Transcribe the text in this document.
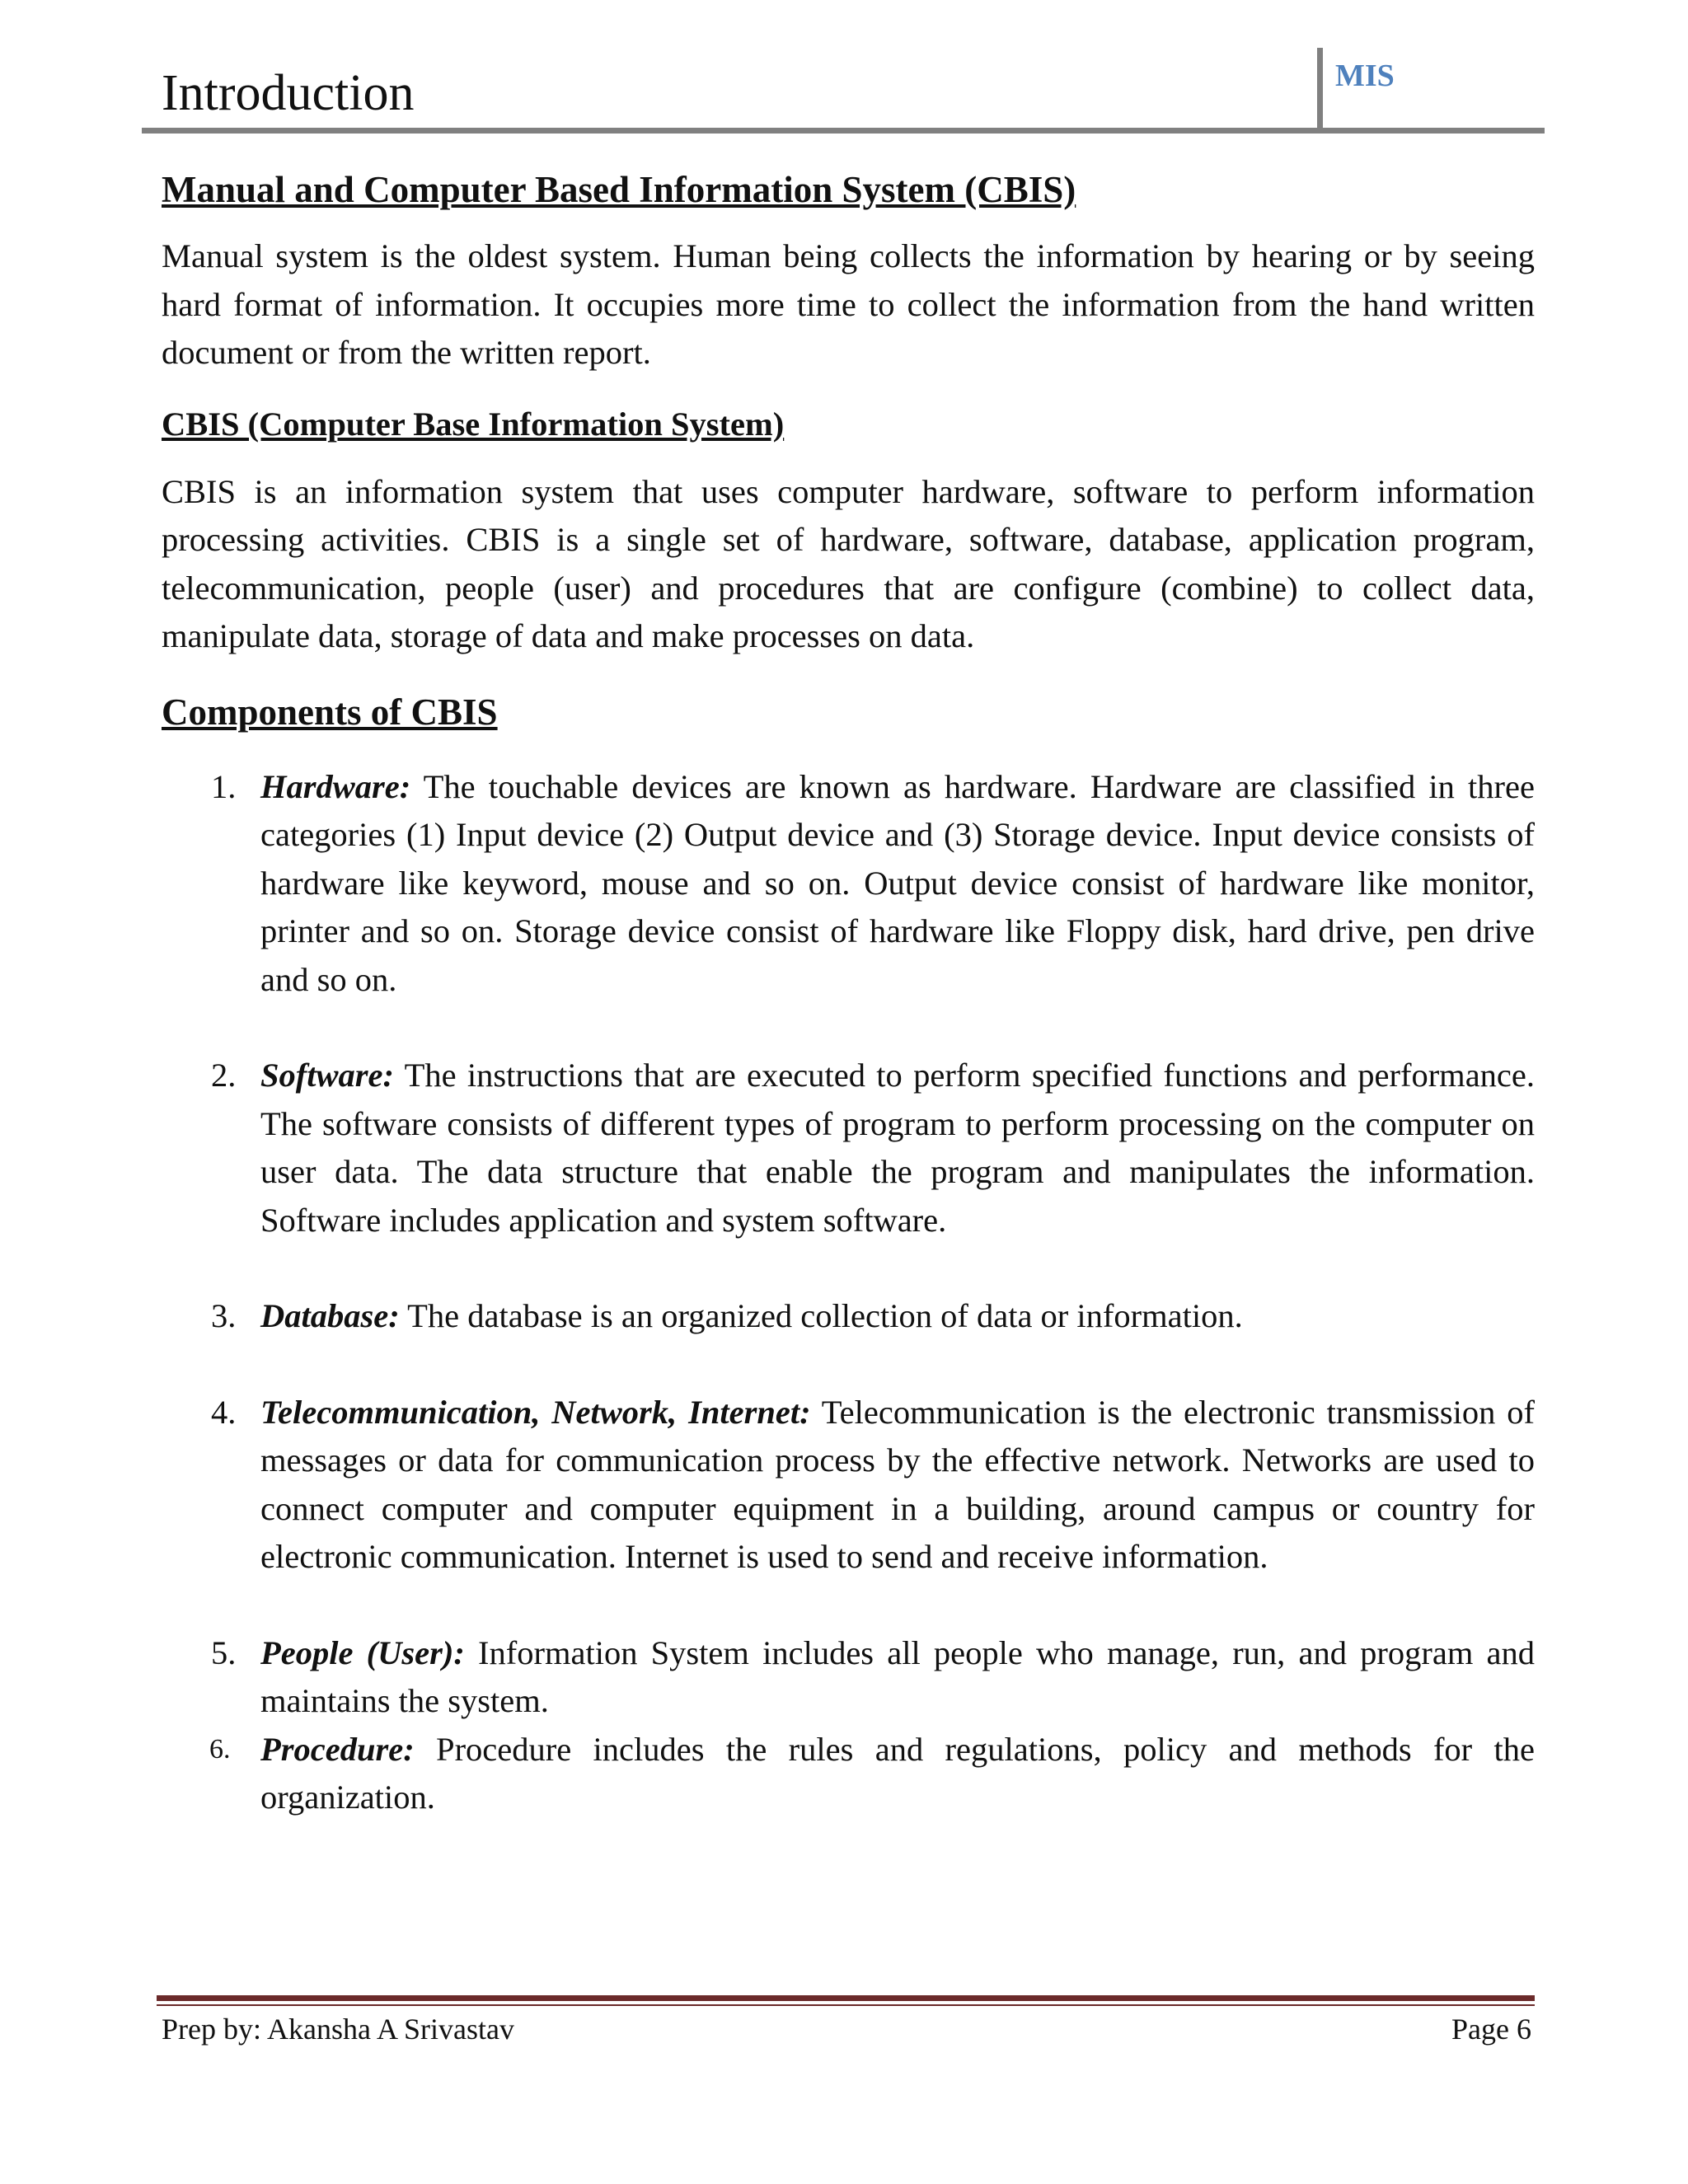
Introduction	MIS
Manual and Computer Based Information System (CBIS)

Manual system is the oldest system. Human being collects the information by hearing or by seeing hard format of information. It occupies more time to collect the information from the hand written document or from the written report.

CBIS (Computer Base Information System)

CBIS is an information system that uses computer hardware, software to perform information processing activities. CBIS is a single set of hardware, software, database, application program, telecommunication, people (user) and procedures that are configure (combine) to collect data, manipulate data, storage of data and make processes on data.

Components of CBIS
1. Hardware: The touchable devices are known as hardware. Hardware are classified in three categories (1) Input device (2) Output device and (3) Storage device. Input device consists of hardware like keyword, mouse and so on. Output device consist of hardware like monitor, printer and so on. Storage device consist of hardware like Floppy disk, hard drive, pen drive and so on.
2. Software: The instructions that are executed to perform specified functions and performance. The software consists of different types of program to perform processing on the computer on user data. The data structure that enable the program and manipulates the information. Software includes application and system software.
3. Database: The database is an organized collection of data or information.
4. Telecommunication, Network, Internet: Telecommunication is the electronic transmission of messages or data for communication process by the effective network. Networks are used to connect computer and computer equipment in a building, around campus or country for electronic communication. Internet is used to send and receive information.
5. People (User): Information System includes all people who manage, run, and program and maintains the system.
6. Procedure: Procedure includes the rules and regulations, policy and methods for the organization.
Prep by: Akansha A Srivastav	Page 6
